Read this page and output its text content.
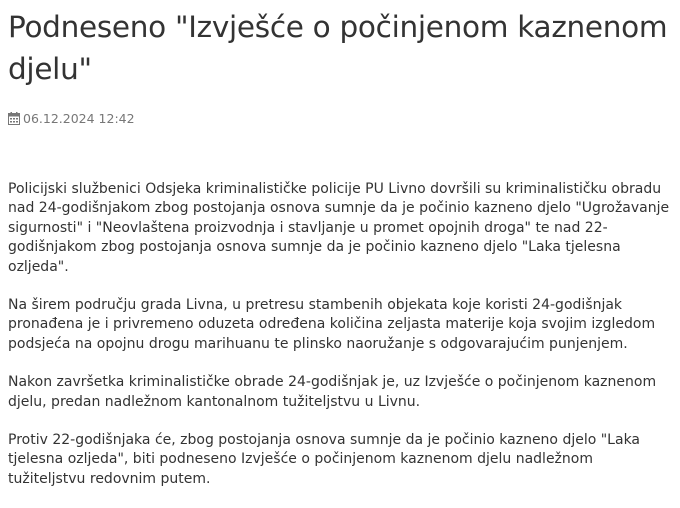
Podneseno "Izvješće o počinjenom kaznenom djelu"
06.12.2024 12:42

Policijski službenici Odsjeka kriminalističke policije PU Livno dovršili su kriminalističku obradu nad 24-godišnjakom zbog postojanja osnova sumnje da je počinio kazneno djelo "Ugrožavanje sigurnosti" i "Neovlaštena proizvodnja i stavljanje u promet opojnih droga" te nad 22-godišnjakom zbog postojanja osnova sumnje da je počinio kazneno djelo "Laka tjelesna ozljeda".

Na širem području grada Livna, u pretresu stambenih objekata koje koristi 24-godišnjak pronađena je i privremeno oduzeta određena količina zeljasta materije koja svojim izgledom podsjeća na opojnu drogu marihuanu te plinsko naoružanje s odgovarajućim punjenjem.

Nakon završetka kriminalističke obrade 24-godišnjak je, uz Izvješće o počinjenom kaznenom djelu, predan nadležnom kantonalnom tužiteljstvu u Livnu.

Protiv 22-godišnjaka će, zbog postojanja osnova sumnje da je počinio kazneno djelo "Laka tjelesna ozljeda", biti podneseno Izvješće o počinjenom kaznenom djelu nadležnom tužiteljstvu redovnim putem.
